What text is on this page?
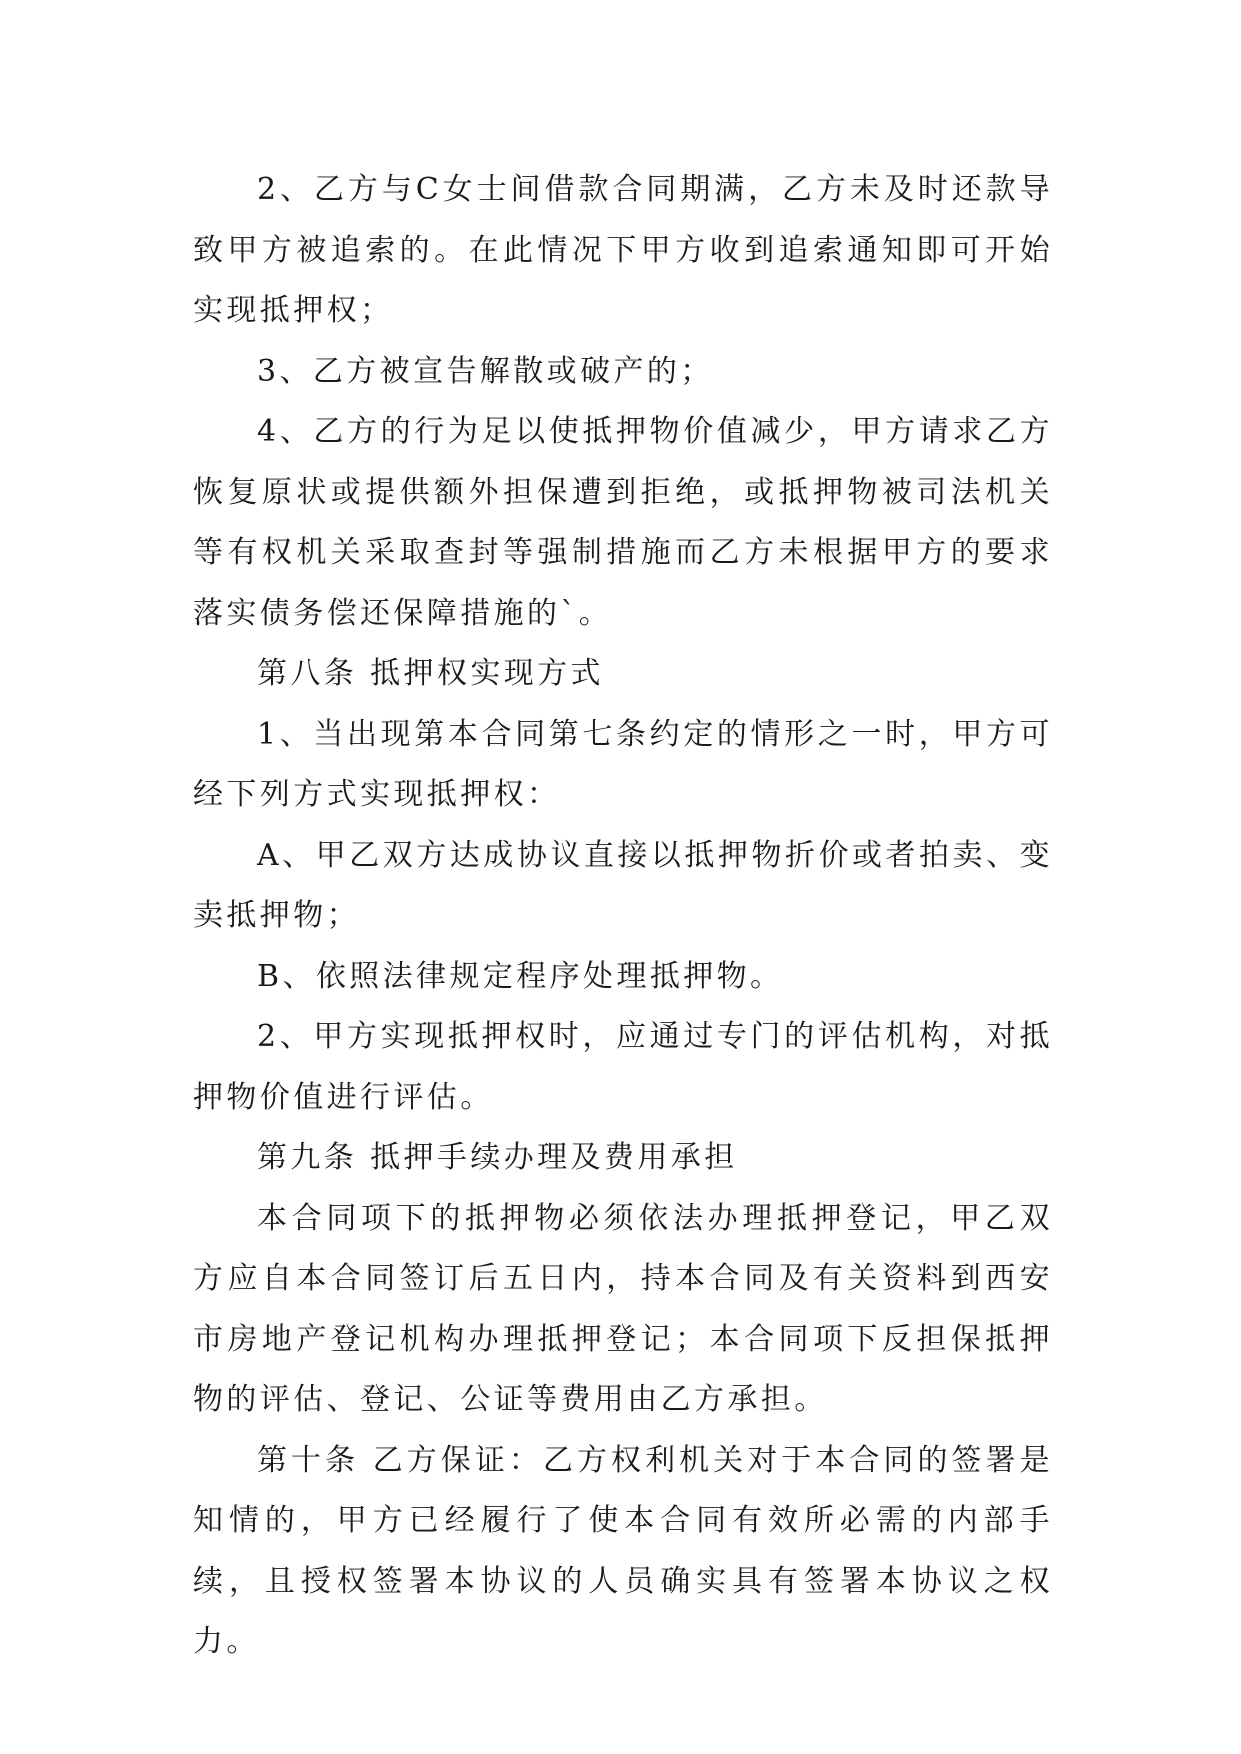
2、乙方与C女士间借款合同期满，乙方未及时还款导致甲方被追索的。在此情况下甲方收到追索通知即可开始实现抵押权；

3、乙方被宣告解散或破产的；

4、乙方的行为足以使抵押物价值减少，甲方请求乙方恢复原状或提供额外担保遭到拒绝，或抵押物被司法机关等有权机关采取查封等强制措施而乙方未根据甲方的要求落实债务偿还保障措施的`。

第八条 抵押权实现方式

1、当出现第本合同第七条约定的情形之一时，甲方可经下列方式实现抵押权：

A、甲乙双方达成协议直接以抵押物折价或者拍卖、变卖抵押物；

B、依照法律规定程序处理抵押物。

2、甲方实现抵押权时，应通过专门的评估机构，对抵押物价值进行评估。

第九条 抵押手续办理及费用承担

本合同项下的抵押物必须依法办理抵押登记，甲乙双方应自本合同签订后五日内，持本合同及有关资料到西安市房地产登记机构办理抵押登记；本合同项下反担保抵押物的评估、登记、公证等费用由乙方承担。

第十条 乙方保证：乙方权利机关对于本合同的签署是知情的，甲方已经履行了使本合同有效所必需的内部手续，且授权签署本协议的人员确实具有签署本协议之权力。
